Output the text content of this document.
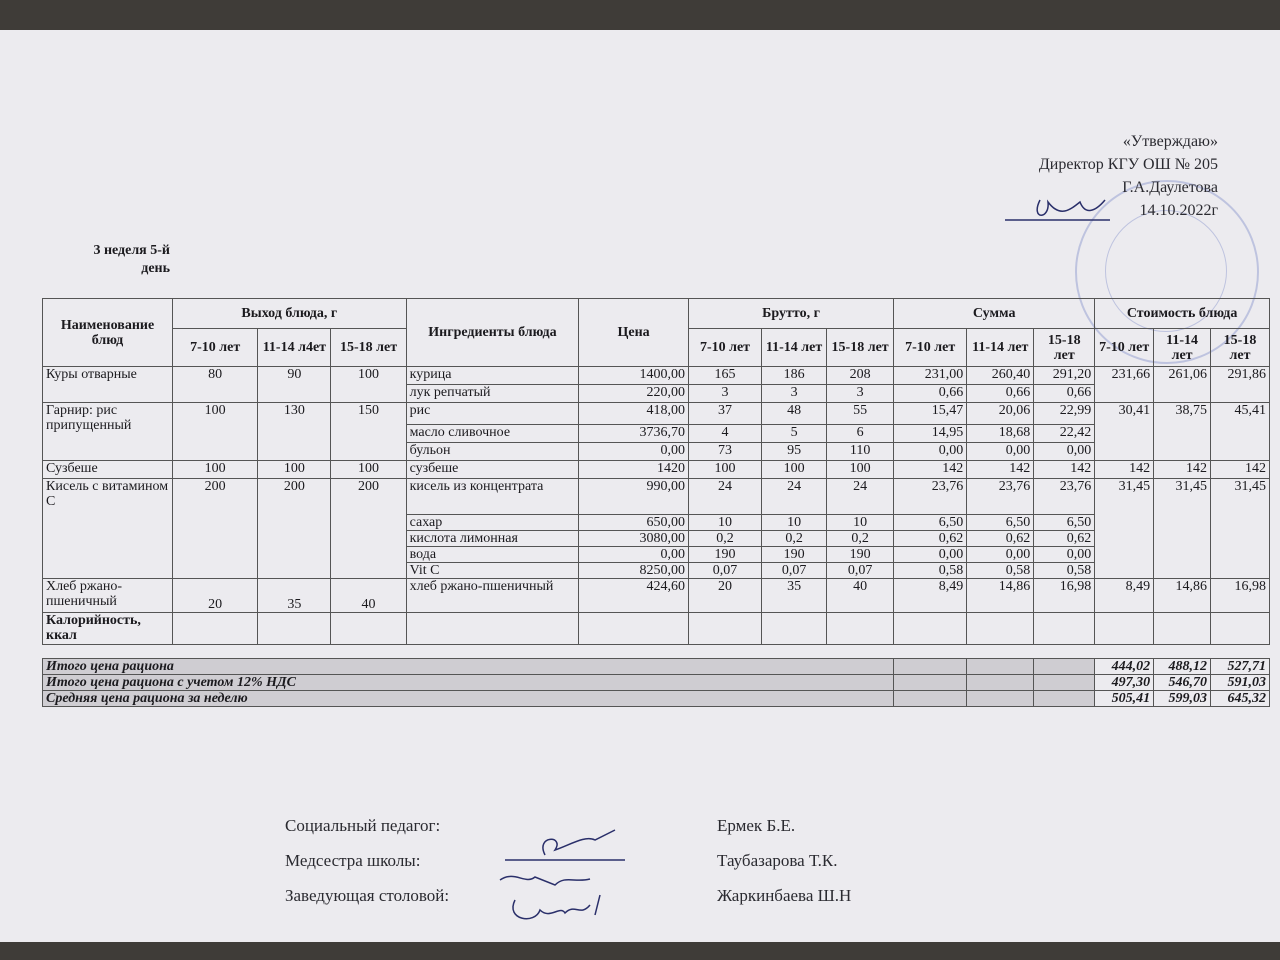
«Утверждаю»
Директор КГУ ОШ № 205
Г.А.Даулетова
14.10.2022г
3 неделя 5-й день
Наименование блюд	Выход блюда, г			Ингредиенты блюда	Цена	Брутто, г			Сумма			Стоимость блюда		
	7-10 лет	11-14 л4ет	15-18 лет			7-10 лет	11-14 лет	15-18 лет	7-10 лет	11-14 лет	15-18 лет	7-10 лет	11-14 лет	15-18 лет
Куры отварные	80	90	100	курица	1400,00	165	186	208	231,00	260,40	291,20	231,66	261,06	291,86
				лук репчатый	220,00	3	3	3	0,66	0,66	0,66			
Гарнир: рис припущенный	100	130	150	рис	418,00	37	48	55	15,47	20,06	22,99	30,41	38,75	45,41
				масло сливочное	3736,70	4	5	6	14,95	18,68	22,42			
				бульон	0,00	73	95	110	0,00	0,00	0,00			
Сузбеше	100	100	100	сузбеше	1420	100	100	100	142	142	142	142	142	142
Кисель с витамином С	200	200	200	кисель из концентрата	990,00	24	24	24	23,76	23,76	23,76	31,45	31,45	31,45
				сахар	650,00	10	10	10	6,50	6,50	6,50			
				кислота лимонная	3080,00	0,2	0,2	0,2	0,62	0,62	0,62			
				вода	0,00	190	190	190	0,00	0,00	0,00			
				Vit C	8250,00	0,07	0,07	0,07	0,58	0,58	0,58			
Хлеб ржано-пшеничный	20	35	40	хлеб ржано-пшеничный	424,60	20	35	40	8,49	14,86	16,98	8,49	14,86	16,98
Калорийность, ккал														

Итого цена рациона												444,02	488,12	527,71
Итого цена рациона с учетом 12% НДС												497,30	546,70	591,03
Средняя цена рациона за неделю												505,41	599,03	645,32
Социальный педагог:	Ермек Б.Е.
Медсестра школы:	Таубазарова Т.К.
Заведующая столовой:	Жаркинбаева Ш.Н
